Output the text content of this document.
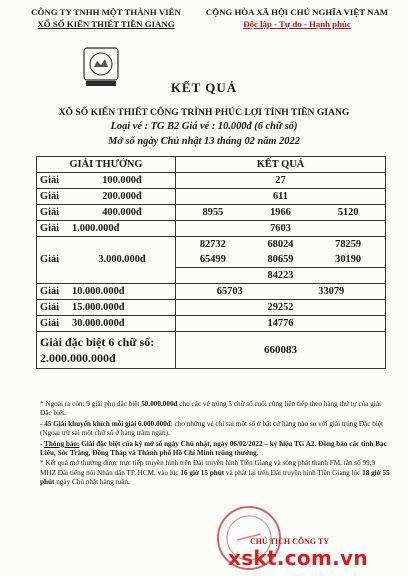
CÔNG TY TNHH MỘT THÀNH VIÊN
XỔ SỐ KIẾN THIẾT TIỀN GIANG
CỘNG HÒA XÃ HỘI CHỦ NGHĨA VIỆT NAM
Độc lập - Tự do - Hạnh phúc
KẾT QUẢ
XỔ SỐ KIẾN THIẾT CÔNG TRÌNH PHÚC LỢI TỈNH TIỀN GIANG
Loại vé : TG B2 Giá vé : 10.000đ (6 chữ số)
Mở số ngày Chủ nhật 13 tháng 02 năm 2022
GIẢI THƯỞNG		KẾT QUẢ
Giải	100.000đ	27
Giải	200.000đ	611
Giải	400.000đ	8955 1966 5120

Giải	1.000.000đ	7603
Giải	3.000.000đ	82732 68024 78259

		65499 80659 30190

		84223
Giải	10.000.000đ	65703 33079

Giải	15.000.000đ	29252
Giải	30.000.000đ	14776

Giải đặc biệt 6 chữ số:
2.000.000.000đ		660083

* Ngoài ra còn: 9 giải phụ đặc biệt 50.000.000đ cho các vé trúng 5 chữ số cuối cùng liên tiếp theo hàng thứ tự của giải Đặc biệt.

- 45 Giải khuyến khích mỗi giải 6.000.000đ: cho những vé chỉ sai một số ở bất cứ hàng nào so với giải trúng Đặc biệt (Ngoại trừ sai một chữ số ở hàng trăm ngàn).

- Thông báo: Giải đặc biệt của kỳ mở số ngày Chủ nhật, ngày 06/02/2022 – ký hiệu TG A2. Đồng bào các tỉnh Bạc Liêu, Sóc Trăng, Đồng Tháp và Thành phố Hồ Chí Minh trúng thưởng.

* Kết quả mở thưởng được trực tiếp truyền hình trên Đài truyền hình Tiền Giang và sóng phát thanh FM, tần số 99,9 MHZ Đài tiếng nói Nhân dân TP. HCM, vào lúc 16 giờ 15 phút và phát lại trên Đài truyền hình Tiền Giang lúc 18 giờ 55 phút ngày Chủ nhật hàng tuần.

CHỦ TỊCH CÔNG TY
xskt.com.vn
